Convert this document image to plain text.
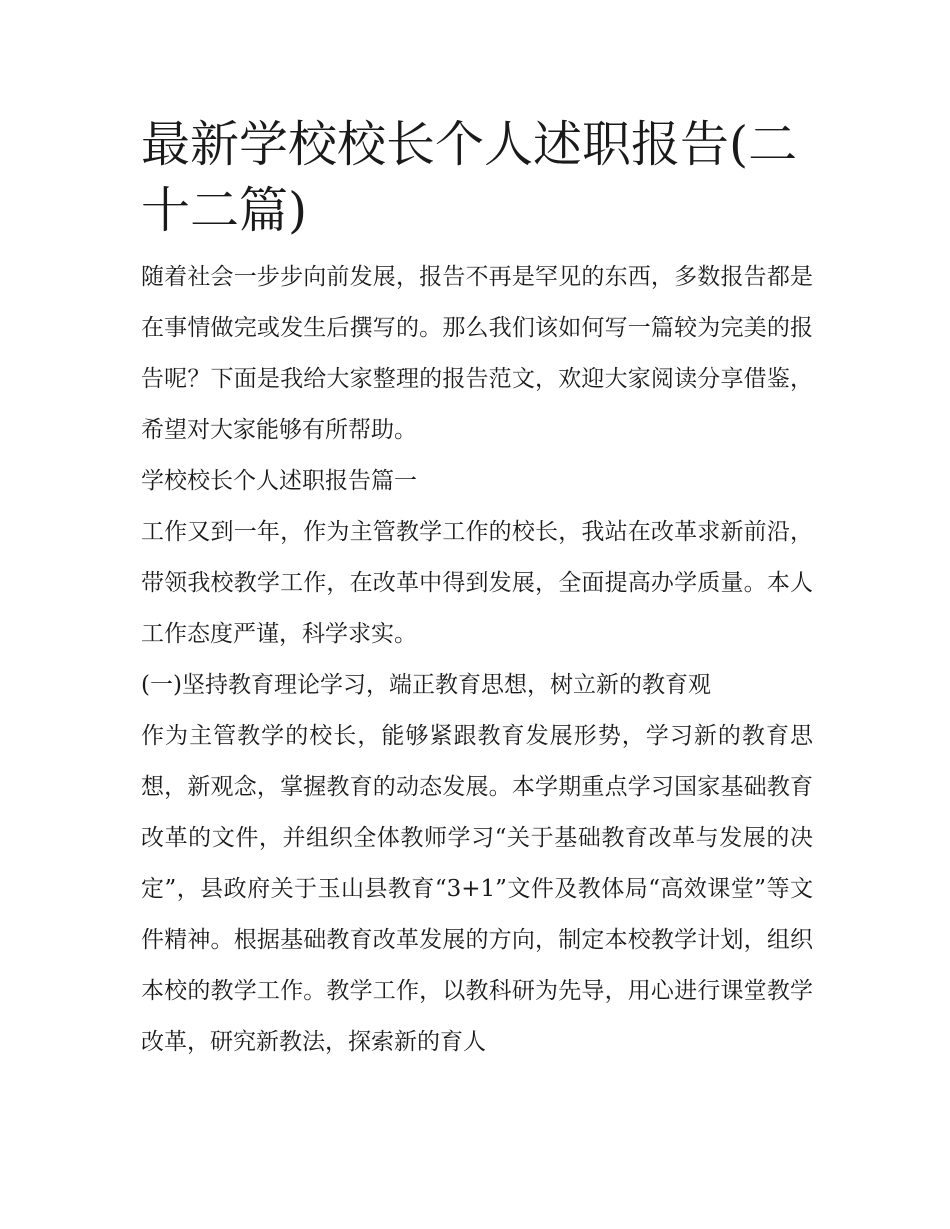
最新学校校长个人述职报告(二十二篇)

随着社会一步步向前发展，报告不再是罕见的东西，多数报告都是在事情做完或发生后撰写的。那么我们该如何写一篇较为完美的报告呢？下面是我给大家整理的报告范文，欢迎大家阅读分享借鉴，希望对大家能够有所帮助。

学校校长个人述职报告篇一

工作又到一年，作为主管教学工作的校长，我站在改革求新前沿，带领我校教学工作，在改革中得到发展，全面提高办学质量。本人工作态度严谨，科学求实。

(一)坚持教育理论学习，端正教育思想，树立新的教育观

作为主管教学的校长，能够紧跟教育发展形势，学习新的教育思想，新观念，掌握教育的动态发展。本学期重点学习国家基础教育改革的文件，并组织全体教师学习“关于基础教育改革与发展的决定”，县政府关于玉山县教育“3+1”文件及教体局“高效课堂”等文件精神。根据基础教育改革发展的方向，制定本校教学计划，组织本校的教学工作。教学工作，以教科研为先导，用心进行课堂教学改革，研究新教法，探索新的育人
